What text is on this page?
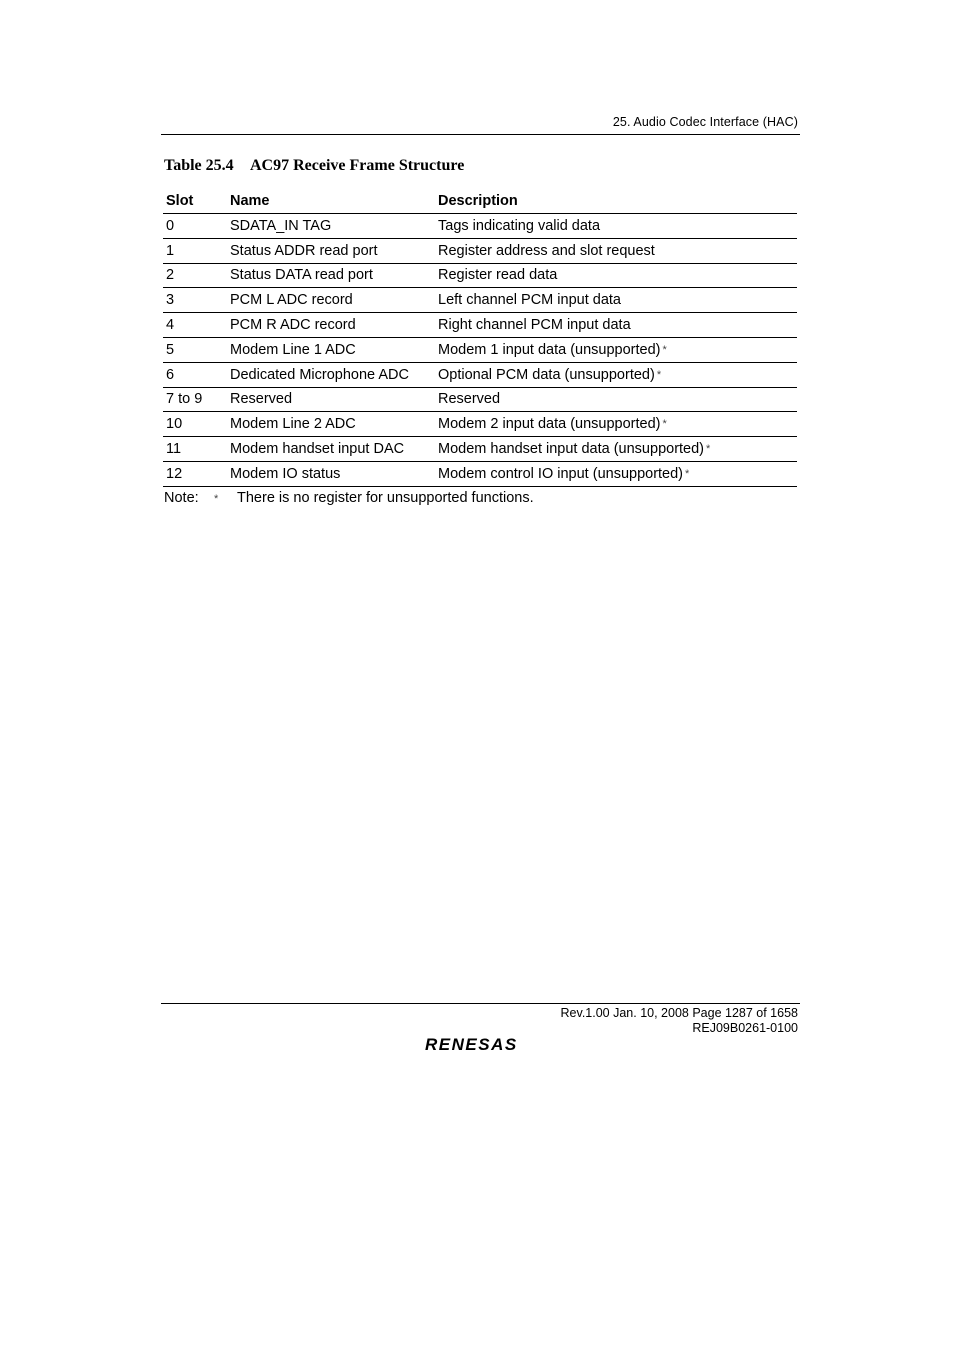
25. Audio Codec Interface (HAC)
Table 25.4 AC97 Receive Frame Structure
Slot	Name	Description
0	SDATA_IN TAG	Tags indicating valid data
1	Status ADDR read port	Register address and slot request
2	Status DATA read port	Register read data
3	PCM L ADC record	Left channel PCM input data
4	PCM R ADC record	Right channel PCM input data
5	Modem Line 1 ADC	Modem 1 input data (unsupported) *
6	Dedicated Microphone ADC	Optional PCM data (unsupported) *
7 to 9	Reserved	Reserved
10	Modem Line 2 ADC	Modem 2 input data (unsupported) *
11	Modem handset input DAC	Modem handset input data (unsupported) *
12	Modem IO status	Modem control IO input (unsupported) *
Note: * There is no register for unsupported functions.
Rev.1.00 Jan. 10, 2008 Page 1287 of 1658
REJ09B0261-0100
RENESAS
